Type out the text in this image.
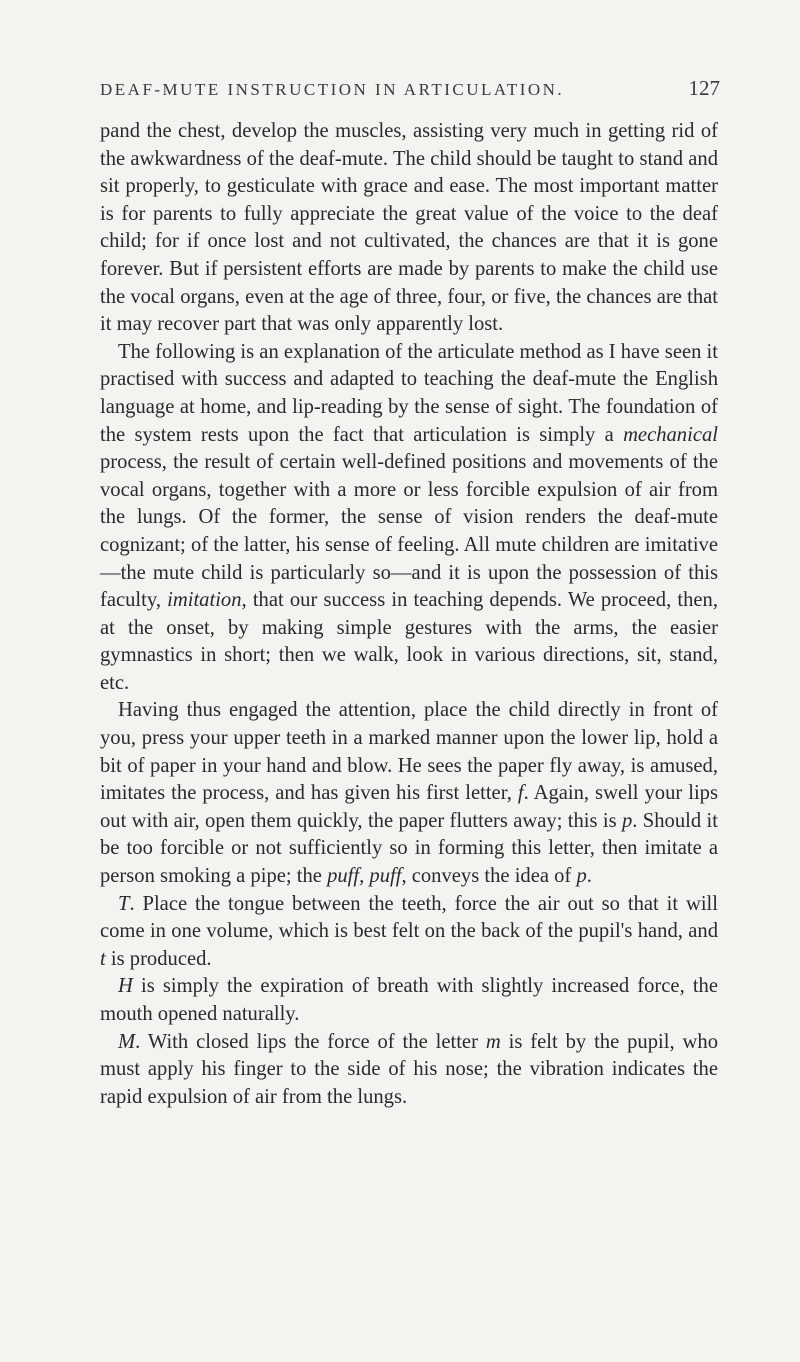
DEAF-MUTE INSTRUCTION IN ARTICULATION.	127

pand the chest, develop the muscles, assisting very much in getting rid of the awkwardness of the deaf-mute. The child should be taught to stand and sit properly, to gesticulate with grace and ease. The most important matter is for parents to fully appreciate the great value of the voice to the deaf child; for if once lost and not cultivated, the chances are that it is gone forever. But if persistent efforts are made by parents to make the child use the vocal organs, even at the age of three, four, or five, the chances are that it may recover part that was only apparently lost.

The following is an explanation of the articulate method as I have seen it practised with success and adapted to teaching the deaf-mute the English language at home, and lip-reading by the sense of sight. The foundation of the system rests upon the fact that articulation is simply a mechanical process, the result of certain well-defined positions and movements of the vocal organs, together with a more or less forcible expulsion of air from the lungs. Of the former, the sense of vision renders the deaf-mute cognizant; of the latter, his sense of feeling. All mute children are imitative—the mute child is particularly so—and it is upon the possession of this faculty, imitation, that our success in teaching depends. We proceed, then, at the onset, by making simple gestures with the arms, the easier gymnastics in short; then we walk, look in various directions, sit, stand, etc.

Having thus engaged the attention, place the child directly in front of you, press your upper teeth in a marked manner upon the lower lip, hold a bit of paper in your hand and blow. He sees the paper fly away, is amused, imitates the process, and has given his first letter, f. Again, swell your lips out with air, open them quickly, the paper flutters away; this is p. Should it be too forcible or not sufficiently so in forming this letter, then imitate a person smoking a pipe; the puff, puff, conveys the idea of p.

T. Place the tongue between the teeth, force the air out so that it will come in one volume, which is best felt on the back of the pupil's hand, and t is produced.

H is simply the expiration of breath with slightly increased force, the mouth opened naturally.

M. With closed lips the force of the letter m is felt by the pupil, who must apply his finger to the side of his nose; the vibration indicates the rapid expulsion of air from the lungs.
